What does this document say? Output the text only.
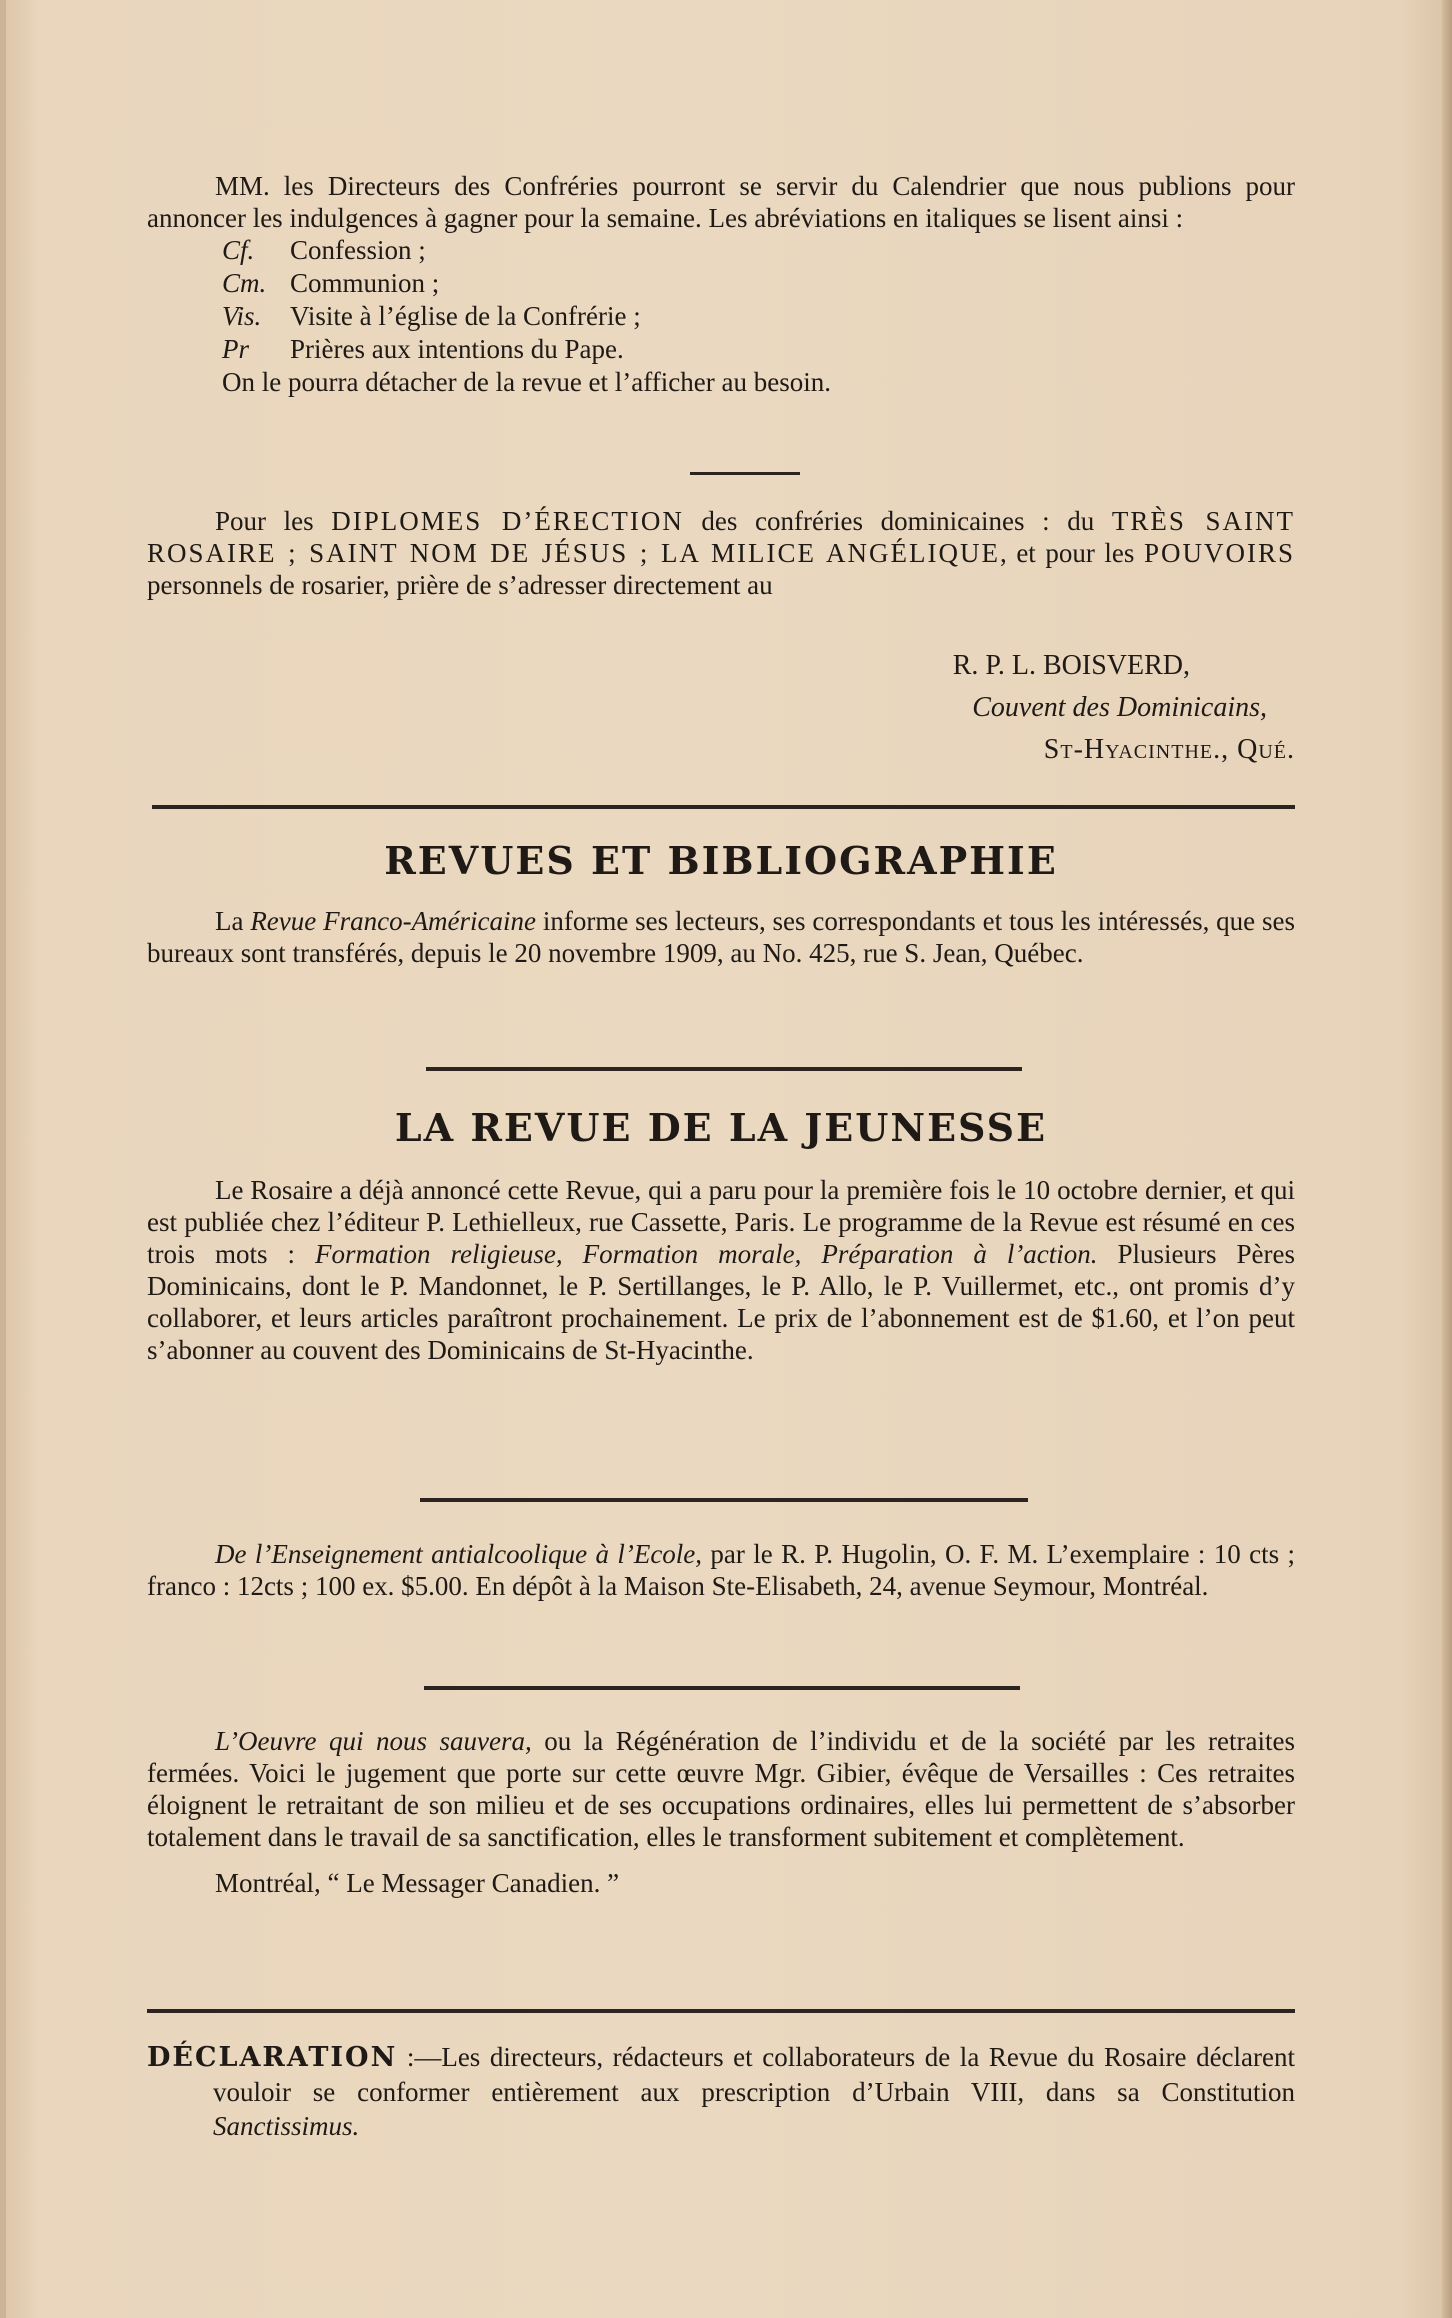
MM. les Directeurs des Confréries pourront se servir du Calendrier que nous publions pour annoncer les indulgences à gagner pour la semaine. Les abréviations en italiques se lisent ainsi :

Cf. Confession ;

Cm. Communion ;

Vis. Visite à l’église de la Confrérie ;

Pr Prières aux intentions du Pape.

On le pourra détacher de la revue et l’afficher au besoin.

Pour les DIPLOMES D’ÉRECTION des confréries dominicaines : du TRÈS SAINT ROSAIRE ; SAINT NOM DE JÉSUS ; LA MILICE ANGÉLIQUE, et pour les POUVOIRS personnels de rosarier, prière de s’adresser directement au

R. P. L. BOISVERD,

Couvent des Dominicains,

St-Hyacinthe., Qué.

REVUES ET BIBLIOGRAPHIE

La Revue Franco-Américaine informe ses lecteurs, ses correspondants et tous les intéressés, que ses bureaux sont transférés, depuis le 20 novembre 1909, au No. 425, rue S. Jean, Québec.

LA REVUE DE LA JEUNESSE

Le Rosaire a déjà annoncé cette Revue, qui a paru pour la première fois le 10 octobre dernier, et qui est publiée chez l’éditeur P. Lethielleux, rue Cassette, Paris. Le programme de la Revue est résumé en ces trois mots : Formation religieuse, Formation morale, Préparation à l’action. Plusieurs Pères Dominicains, dont le P. Mandonnet, le P. Sertillanges, le P. Allo, le P. Vuillermet, etc., ont promis d’y collaborer, et leurs articles paraîtront prochainement. Le prix de l’abonnement est de $1.60, et l’on peut s’abonner au couvent des Dominicains de St-Hyacinthe.

De l’Enseignement antialcoolique à l’Ecole, par le R. P. Hugolin, O. F. M. L’exemplaire : 10 cts ; franco : 12cts ; 100 ex. $5.00. En dépôt à la Maison Ste-Elisabeth, 24, avenue Seymour, Montréal.

L’Oeuvre qui nous sauvera, ou la Régénération de l’individu et de la société par les retraites fermées. Voici le jugement que porte sur cette œuvre Mgr. Gibier, évêque de Versailles : Ces retraites éloignent le retraitant de son milieu et de ses occupations ordinaires, elles lui permettent de s’absorber totalement dans le travail de sa sanctification, elles le transforment subitement et complètement.

Montréal, “ Le Messager Canadien. ”

DÉCLARATION :—Les directeurs, rédacteurs et collaborateurs de la Revue du Rosaire déclarent vouloir se conformer entièrement aux prescription d’Urbain VIII, dans sa Constitution Sanctissimus.
